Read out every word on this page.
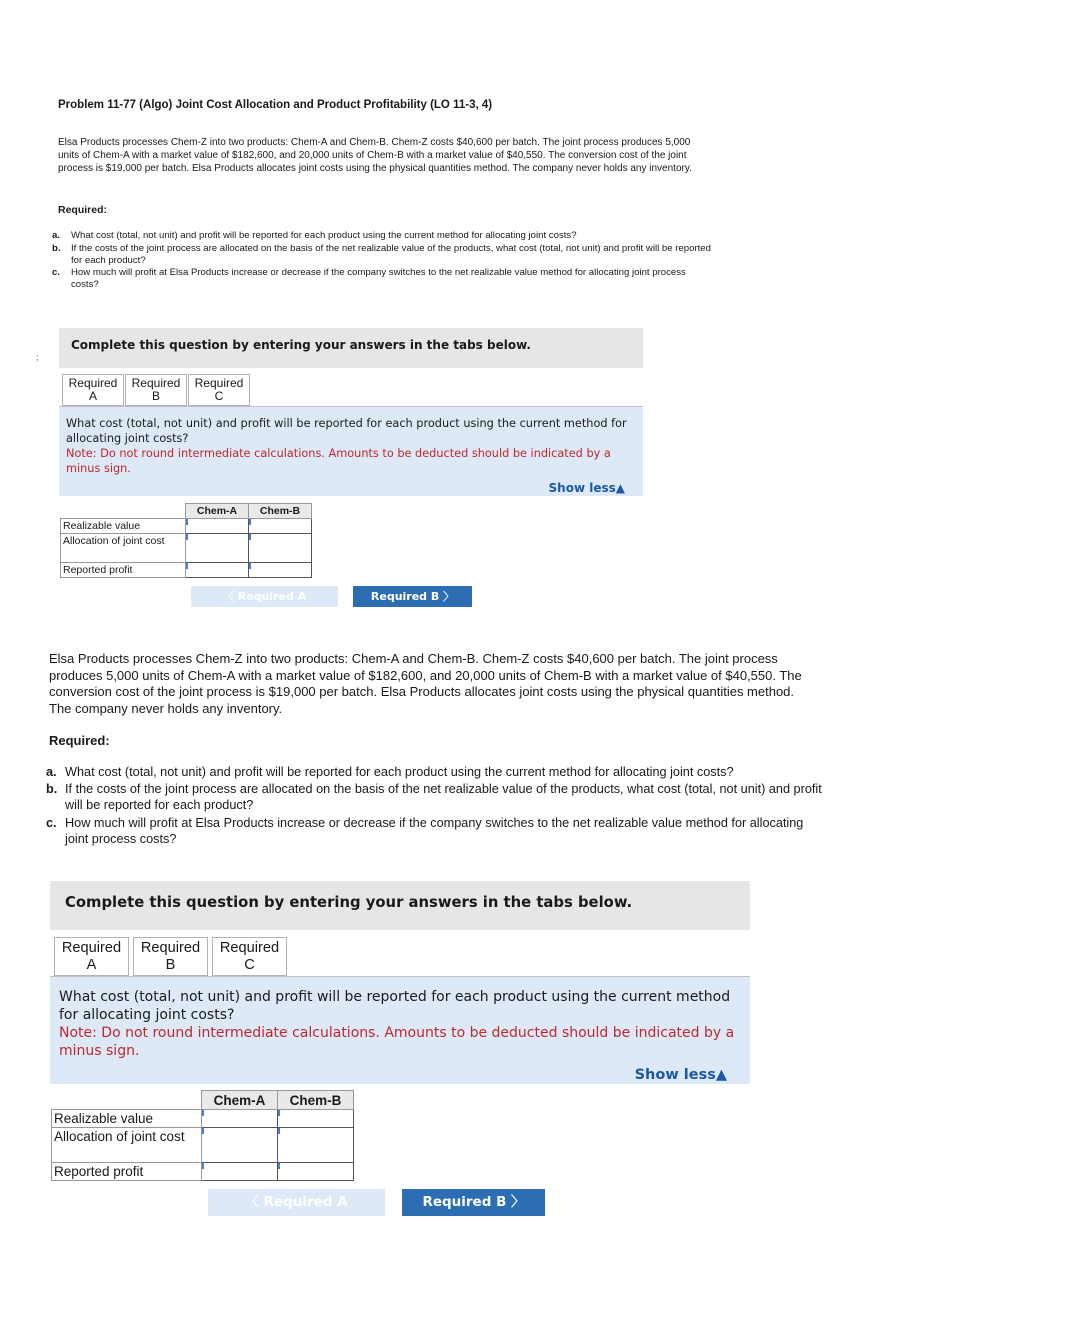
Problem 11-77 (Algo) Joint Cost Allocation and Product Profitability (LO 11-3, 4)
Elsa Products processes Chem-Z into two products: Chem-A and Chem-B. Chem-Z costs $40,600 per batch. The joint process produces 5,000 units of Chem-A with a market value of $182,600, and 20,000 units of Chem-B with a market value of $40,550. The conversion cost of the joint process is $19,000 per batch. Elsa Products allocates joint costs using the physical quantities method. The company never holds any inventory.
Required:
a. What cost (total, not unit) and profit will be reported for each product using the current method for allocating joint costs?
b. If the costs of the joint process are allocated on the basis of the net realizable value of the products, what cost (total, not unit) and profit will be reported for each product?
c. How much will profit at Elsa Products increase or decrease if the company switches to the net realizable value method for allocating joint process costs?
;
Complete this question by entering your answers in the tabs below.
Required
A
Required
B
Required
C
What cost (total, not unit) and profit will be reported for each product using the current method for allocating joint costs?
Note: Do not round intermediate calculations. Amounts to be deducted should be indicated by a minus sign.
Show less▲
	Chem-A	Chem-B
Realizable value		
Allocation of joint cost		
Reported profit		
〈 Required A	Required B 〉
Elsa Products processes Chem-Z into two products: Chem-A and Chem-B. Chem-Z costs $40,600 per batch. The joint process produces 5,000 units of Chem-A with a market value of $182,600, and 20,000 units of Chem-B with a market value of $40,550. The conversion cost of the joint process is $19,000 per batch. Elsa Products allocates joint costs using the physical quantities method. The company never holds any inventory.
Required:
a. What cost (total, not unit) and profit will be reported for each product using the current method for allocating joint costs?
b. If the costs of the joint process are allocated on the basis of the net realizable value of the products, what cost (total, not unit) and profit will be reported for each product?
c. How much will profit at Elsa Products increase or decrease if the company switches to the net realizable value method for allocating joint process costs?
Complete this question by entering your answers in the tabs below.
Required
A
Required
B
Required
C
What cost (total, not unit) and profit will be reported for each product using the current method for allocating joint costs?
Note: Do not round intermediate calculations. Amounts to be deducted should be indicated by a minus sign.
Show less▲
	Chem-A	Chem-B
Realizable value		
Allocation of joint cost		
Reported profit		
〈 Required A	Required B 〉
